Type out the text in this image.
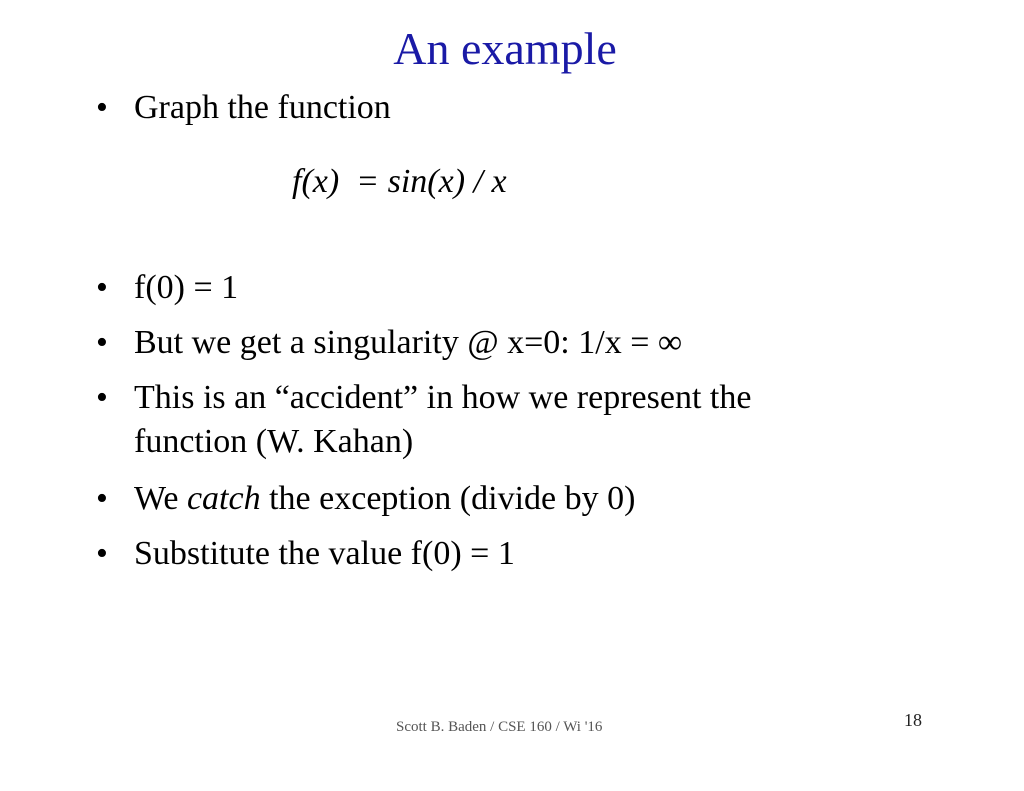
An example
• Graph the function
f(x)  = sin(x) / x
• f(0) = 1
• But we get a singularity @ x=0: 1/x = ∞
• This is an “accident” in how we represent the
function (W. Kahan)
• We catch the exception (divide by 0)
• Substitute the value f(0) = 1
Scott B. Baden / CSE 160 / Wi '16	18
